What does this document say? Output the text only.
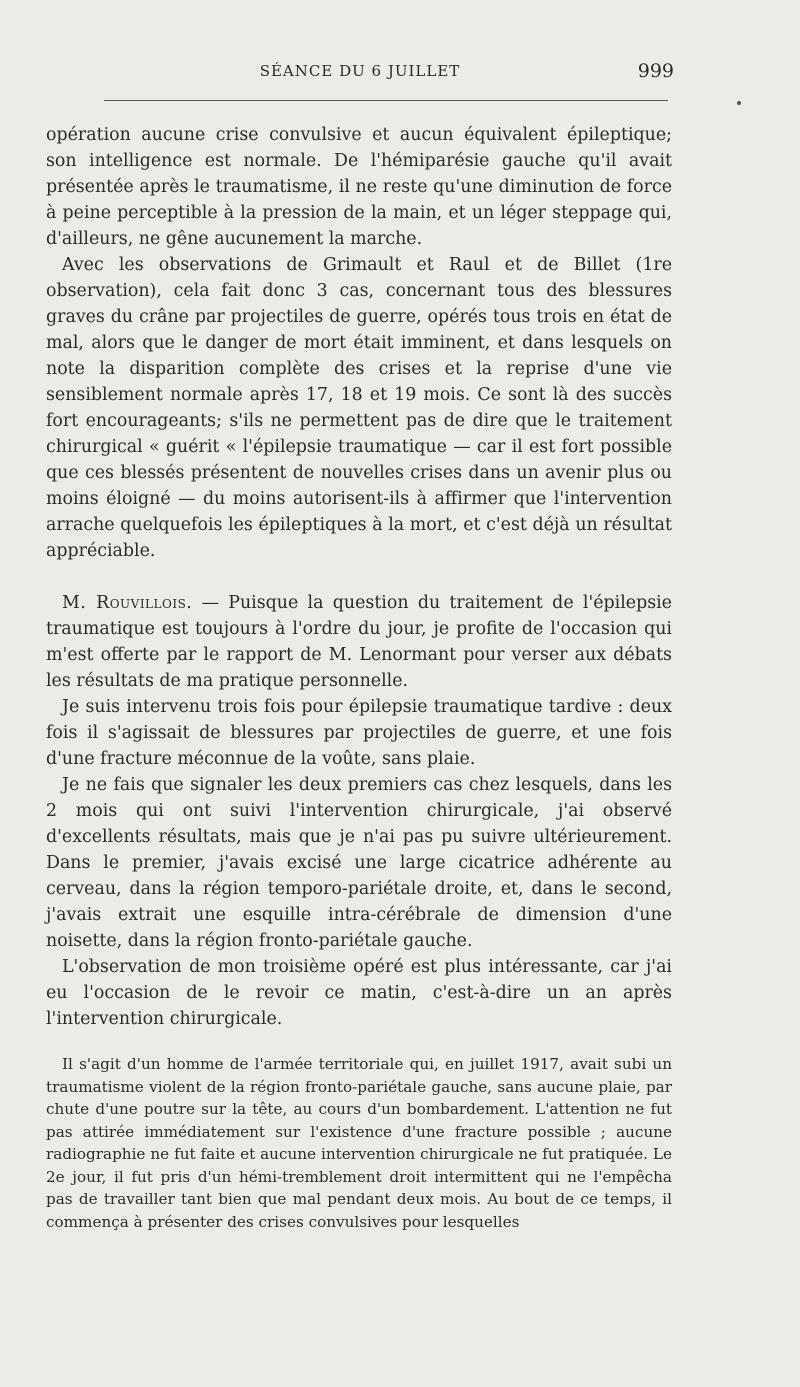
SÉANCE DU 6 JUILLET	999

opération aucune crise convulsive et aucun équivalent épileptique; son intelligence est normale. De l'hémiparésie gauche qu'il avait présentée après le traumatisme, il ne reste qu'une diminution de force à peine perceptible à la pression de la main, et un léger steppage qui, d'ailleurs, ne gêne aucunement la marche.

Avec les observations de Grimault et Raul et de Billet (1re observation), cela fait donc 3 cas, concernant tous des blessures graves du crâne par projectiles de guerre, opérés tous trois en état de mal, alors que le danger de mort était imminent, et dans lesquels on note la disparition complète des crises et la reprise d'une vie sensiblement normale après 17, 18 et 19 mois. Ce sont là des succès fort encourageants; s'ils ne permettent pas de dire que le traitement chirurgical « guérit « l'épilepsie traumatique — car il est fort possible que ces blessés présentent de nouvelles crises dans un avenir plus ou moins éloigné — du moins autorisent-ils à affirmer que l'intervention arrache quelquefois les épileptiques à la mort, et c'est déjà un résultat appréciable.

M. Rouvillois. — Puisque la question du traitement de l'épilepsie traumatique est toujours à l'ordre du jour, je profite de l'occasion qui m'est offerte par le rapport de M. Lenormant pour verser aux débats les résultats de ma pratique personnelle.

Je suis intervenu trois fois pour épilepsie traumatique tardive : deux fois il s'agissait de blessures par projectiles de guerre, et une fois d'une fracture méconnue de la voûte, sans plaie.

Je ne fais que signaler les deux premiers cas chez lesquels, dans les 2 mois qui ont suivi l'intervention chirurgicale, j'ai observé d'excellents résultats, mais que je n'ai pas pu suivre ultérieurement. Dans le premier, j'avais excisé une large cicatrice adhérente au cerveau, dans la région temporo-pariétale droite, et, dans le second, j'avais extrait une esquille intra-cérébrale de dimension d'une noisette, dans la région fronto-pariétale gauche.

L'observation de mon troisième opéré est plus intéressante, car j'ai eu l'occasion de le revoir ce matin, c'est-à-dire un an après l'intervention chirurgicale.

Il s'agit d'un homme de l'armée territoriale qui, en juillet 1917, avait subi un traumatisme violent de la région fronto-pariétale gauche, sans aucune plaie, par chute d'une poutre sur la tête, au cours d'un bombardement. L'attention ne fut pas attirée immédiatement sur l'existence d'une fracture possible ; aucune radiographie ne fut faite et aucune intervention chirurgicale ne fut pratiquée. Le 2e jour, il fut pris d'un hémi-tremblement droit intermittent qui ne l'empêcha pas de travailler tant bien que mal pendant deux mois. Au bout de ce temps, il commença à présenter des crises convulsives pour lesquelles
